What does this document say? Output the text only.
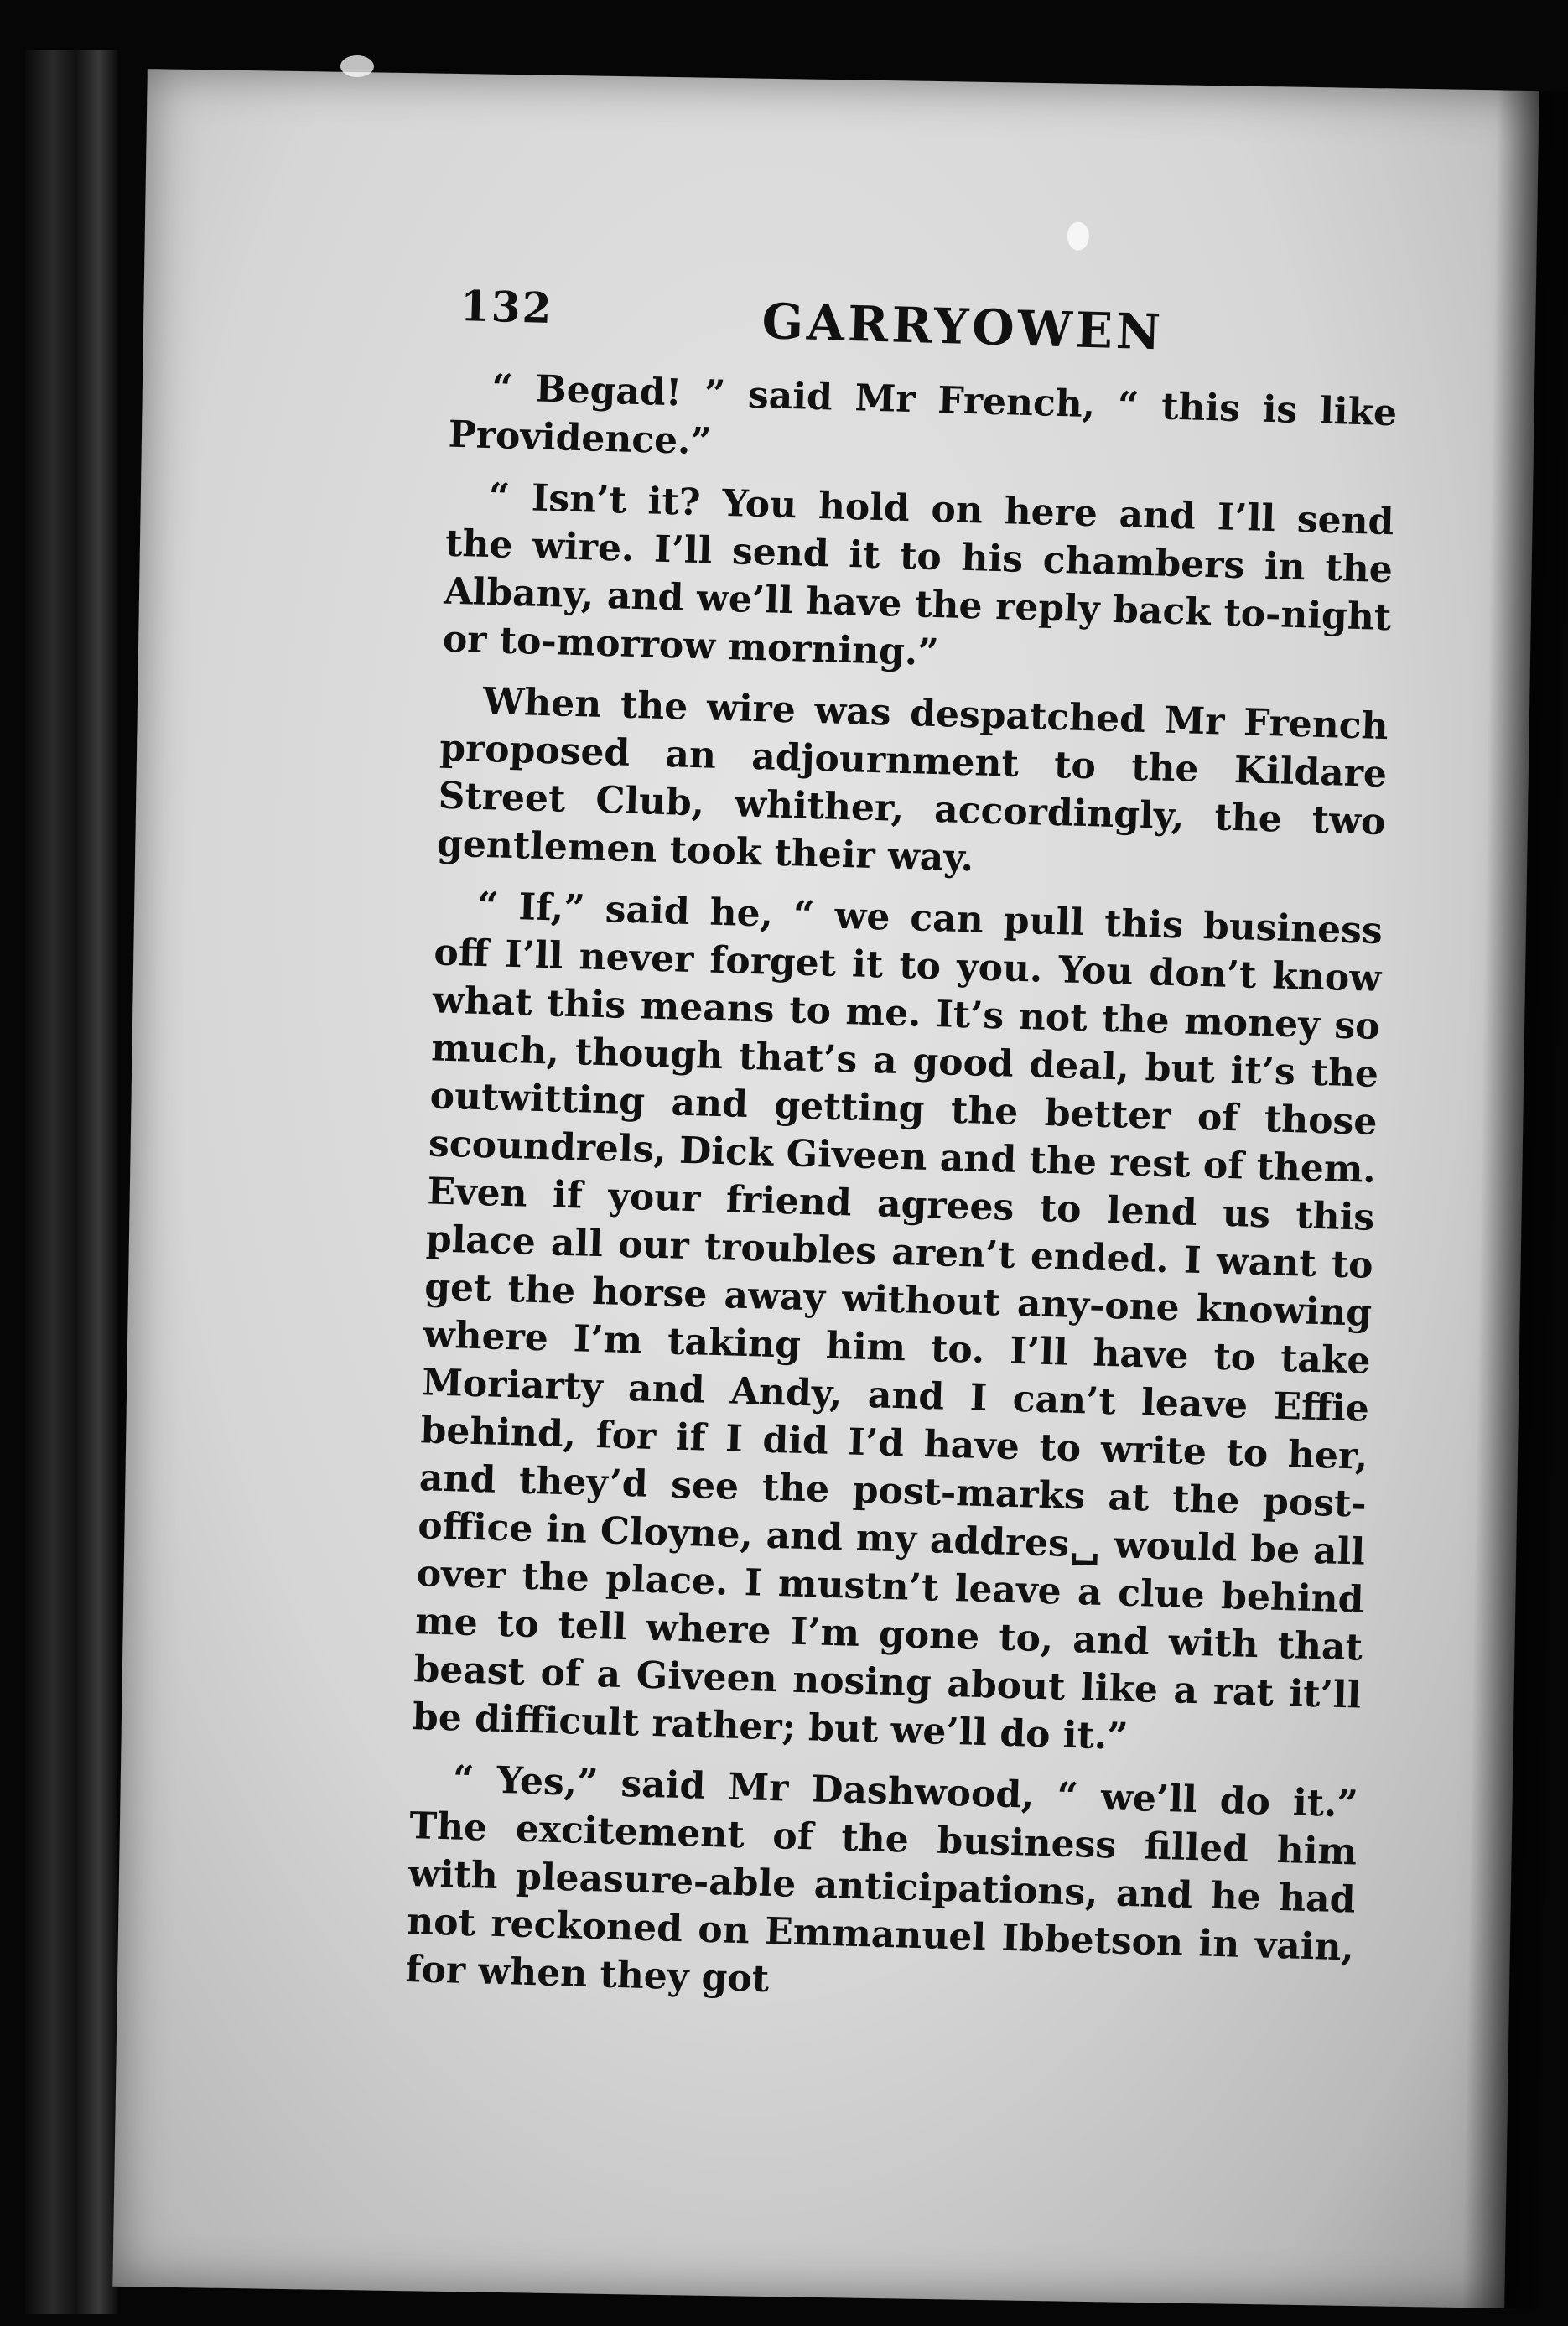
132	GARRYOWEN

“ Begad! ” said Mr French, “ this is like Providence.”

“ Isn’t it? You hold on here and I’ll send the wire. I’ll send it to his chambers in the Albany, and we’ll have the reply back to-night or to-morrow morning.”

When the wire was despatched Mr French proposed an adjournment to the Kildare Street Club, whither, accordingly, the two gentlemen took their way.

“ If,” said he, “ we can pull this business off I’ll never forget it to you. You don’t know what this means to me. It’s not the money so much, though that’s a good deal, but it’s the outwitting and getting the better of those scoundrels, Dick Giveen and the rest of them. Even if your friend agrees to lend us this place all our troubles aren’t ended. I want to get the horse away without any-one knowing where I’m taking him to. I’ll have to take Moriarty and Andy, and I can’t leave Effie behind, for if I did I’d have to write to her, and they’d see the post-marks at the post-office in Cloyne, and my addres␣ would be all over the place. I mustn’t leave a clue behind me to tell where I’m gone to, and with that beast of a Giveen nosing about like a rat it’ll be difficult rather; but we’ll do it.”

“ Yes,” said Mr Dashwood, “ we’ll do it.” The excitement of the business filled him with pleasure-able anticipations, and he had not reckoned on Emmanuel Ibbetson in vain, for when they got
